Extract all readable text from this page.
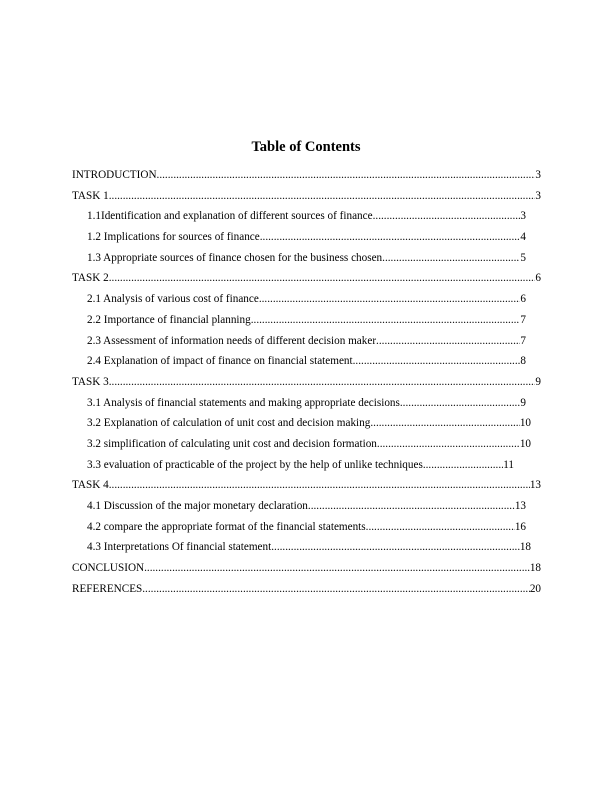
Table of Contents
INTRODUCTION .....	3
TASK 1 .....	3
1.1Identification and explanation of different sources of finance .....	3
1.2 Implications for sources of finance .....	4
1.3 Appropriate sources of finance chosen for the business chosen .....	5
TASK 2 .....	6
2.1 Analysis of various cost of finance .....	6
2.2 Importance of financial planning .....	7
2.3 Assessment of information needs of different decision maker .....	7
2.4 Explanation of impact of finance on financial statement .....	8
TASK 3 .....	9
3.1 Analysis of financial statements and making appropriate decisions .....	9
3.2 Explanation of calculation of unit cost and decision making .....	10
3.2 simplification of calculating unit cost and decision formation .....	10
3.3 evaluation of practicable of the project by the help of unlike techniques .....	11
TASK 4 .....	13
4.1 Discussion of the major monetary declaration .....	13
4.2 compare the appropriate format of the financial statements .....	16
4.3 Interpretations Of financial statement .....	18
CONCLUSION .....	18
REFERENCES .....	20
